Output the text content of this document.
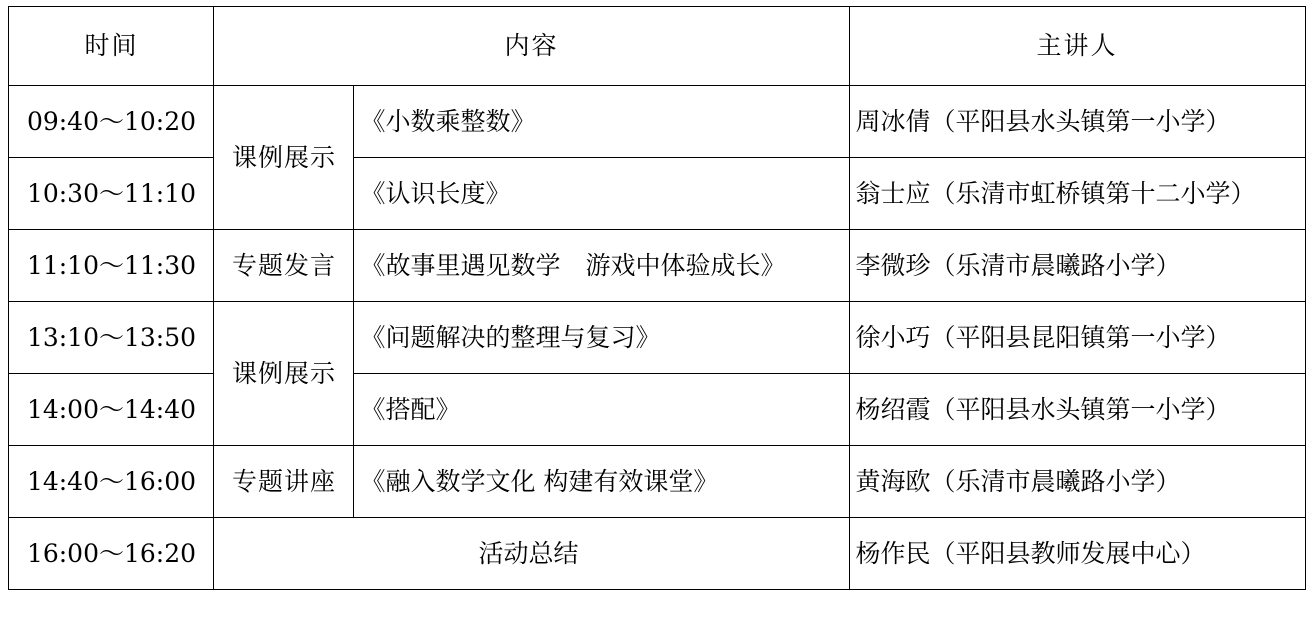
时间	内容		主讲人
09:40～10:20	课例展示	《小数乘整数》	周冰倩（平阳县水头镇第一小学）
10:30～11:10		《认识长度》	翁士应（乐清市虹桥镇第十二小学）
11:10～11:30	专题发言	《故事里遇见数学　游戏中体验成长》	李微珍（乐清市晨曦路小学）
13:10～13:50	课例展示	《问题解决的整理与复习》	徐小巧（平阳县昆阳镇第一小学）
14:00～14:40		《搭配》	杨绍霞（平阳县水头镇第一小学）
14:40～16:00	专题讲座	《融入数学文化 构建有效课堂》	黄海欧（乐清市晨曦路小学）
16:00～16:20	活动总结		杨作民（平阳县教师发展中心）
